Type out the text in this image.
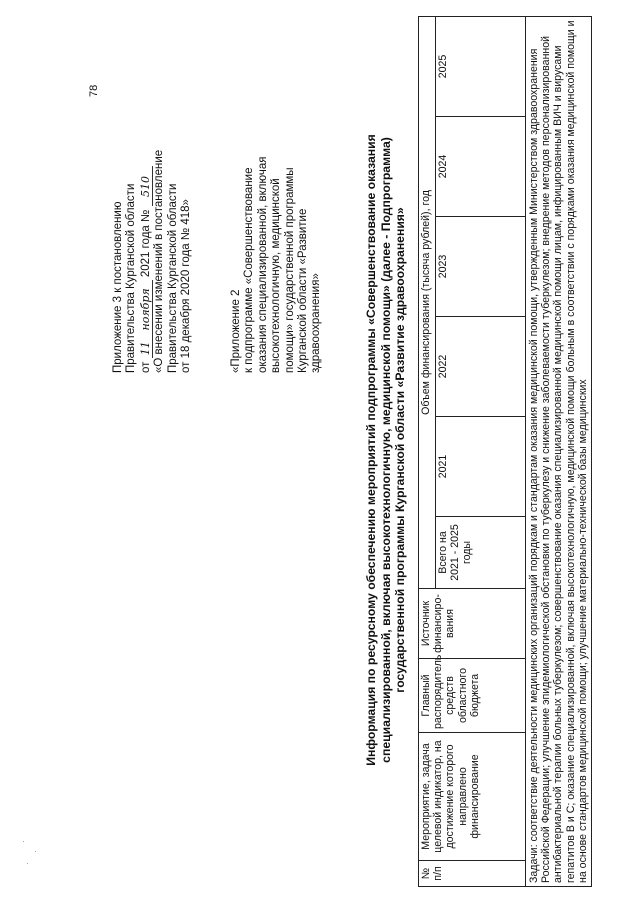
78

Приложение 3 к постановлению Правительства Курганской области от 11ноября 2021 года № 510 «О внесении изменений в постановление Правительства Курганской области от 18 декабря 2020 года № 418»	«Приложение 2 к подпрограмме «Совершенствование оказания специализированной, включая высокотехнологичную, медицинской помощи» государственной программы Курганской области «Развитие здравоохранения»	Информация по ресурсному обеспечению мероприятий подпрограммы «Совершенствование оказания специализированной, включая высокотехнологичную, медицинской помощи» (далее - Подпрограмма) государственной программы Курганской области «Развитие здравоохранения»

№ п/п	Мероприятие, задача целевой индикатор, на достижение которого направлено финансирование	Главный распорядитель средств областного бюджета	Источник финансиро-вания	Объем финансирования (тысяча рублей), год					
				Всего на 2021 - 2025 годы	2021	2022	2023	2024	2025
Задачи: соответствие деятельности медицинских организаций порядкам и стандартам оказания медицинской помощи, утвержденным Министерством здравоохранения Российской Федерации; улучшение эпидемиологической обстановки по туберкулезу и снижение заболеваемости туберкулезом; внедрение методов персонализированной антибактериальной терапии больных туберкулезом; совершенствование оказания специализированной медицинской помощи лицам, инфицированным ВИЧ и вирусами гепатитов В и С; оказание специализированной, включая высокотехнологичную, медицинской помощи больным в соответствии с порядками оказания медицинской помощи и на основе стандартов медицинской помощи; улучшение материально-технической базы медицинских									
·
·
·
